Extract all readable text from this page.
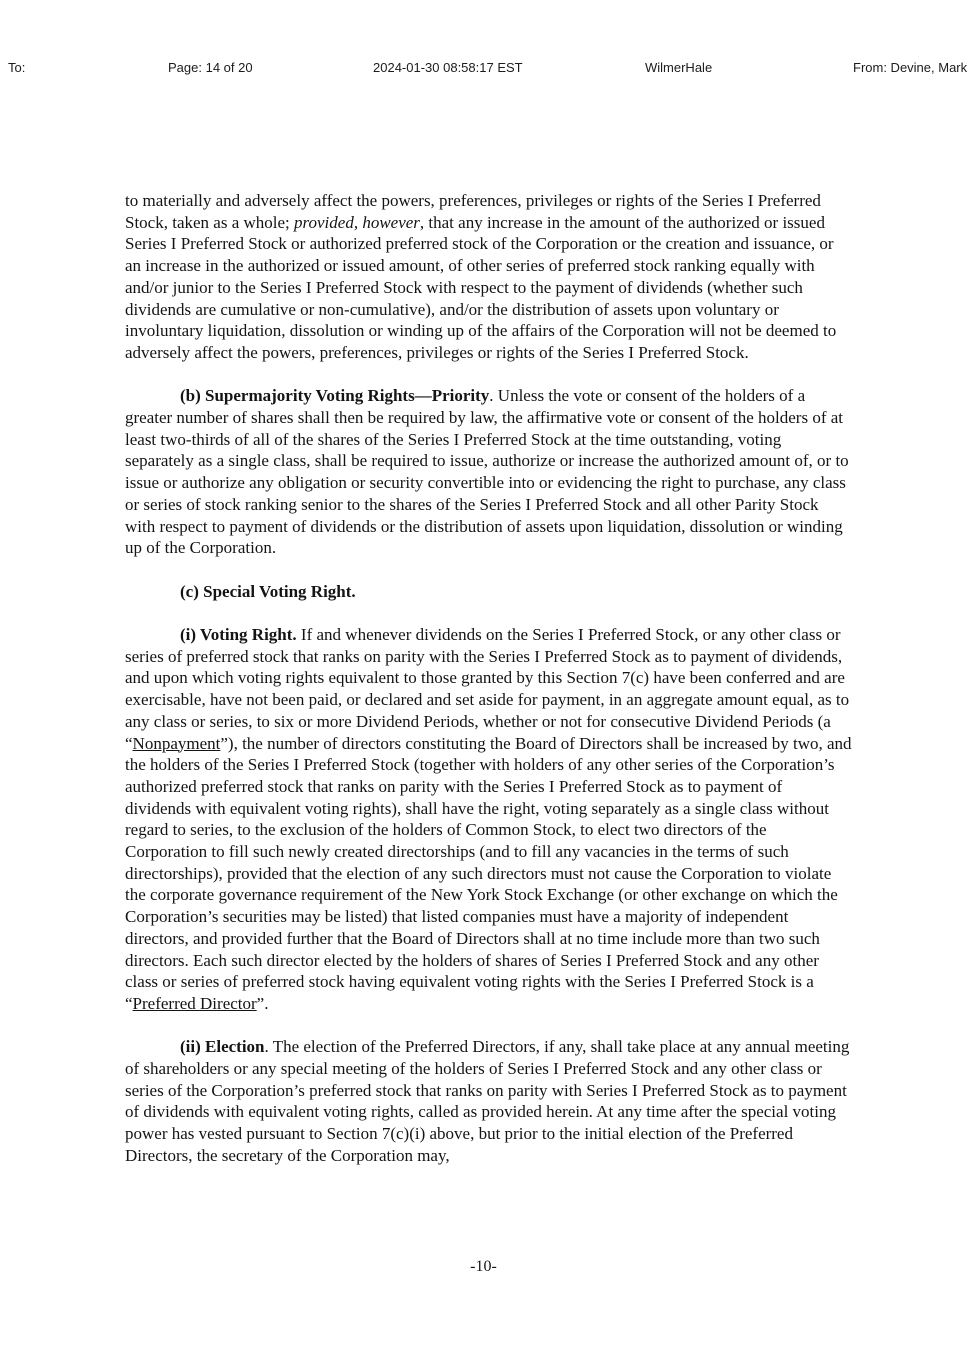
To:	Page: 14 of 20	2024-01-30 08:58:17 EST	WilmerHale	From: Devine, Mark

to materially and adversely affect the powers, preferences, privileges or rights of the Series I Preferred Stock, taken as a whole; provided, however, that any increase in the amount of the authorized or issued Series I Preferred Stock or authorized preferred stock of the Corporation or the creation and issuance, or an increase in the authorized or issued amount, of other series of preferred stock ranking equally with and/or junior to the Series I Preferred Stock with respect to the payment of dividends (whether such dividends are cumulative or non-cumulative), and/or the distribution of assets upon voluntary or involuntary liquidation, dissolution or winding up of the affairs of the Corporation will not be deemed to adversely affect the powers, preferences, privileges or rights of the Series I Preferred Stock.

(b) Supermajority Voting Rights—Priority. Unless the vote or consent of the holders of a greater number of shares shall then be required by law, the affirmative vote or consent of the holders of at least two-thirds of all of the shares of the Series I Preferred Stock at the time outstanding, voting separately as a single class, shall be required to issue, authorize or increase the authorized amount of, or to issue or authorize any obligation or security convertible into or evidencing the right to purchase, any class or series of stock ranking senior to the shares of the Series I Preferred Stock and all other Parity Stock with respect to payment of dividends or the distribution of assets upon liquidation, dissolution or winding up of the Corporation.

(c) Special Voting Right.

(i) Voting Right. If and whenever dividends on the Series I Preferred Stock, or any other class or series of preferred stock that ranks on parity with the Series I Preferred Stock as to payment of dividends, and upon which voting rights equivalent to those granted by this Section 7(c) have been conferred and are exercisable, have not been paid, or declared and set aside for payment, in an aggregate amount equal, as to any class or series, to six or more Dividend Periods, whether or not for consecutive Dividend Periods (a “Nonpayment”), the number of directors constituting the Board of Directors shall be increased by two, and the holders of the Series I Preferred Stock (together with holders of any other series of the Corporation’s authorized preferred stock that ranks on parity with the Series I Preferred Stock as to payment of dividends with equivalent voting rights), shall have the right, voting separately as a single class without regard to series, to the exclusion of the holders of Common Stock, to elect two directors of the Corporation to fill such newly created directorships (and to fill any vacancies in the terms of such directorships), provided that the election of any such directors must not cause the Corporation to violate the corporate governance requirement of the New York Stock Exchange (or other exchange on which the Corporation’s securities may be listed) that listed companies must have a majority of independent directors, and provided further that the Board of Directors shall at no time include more than two such directors. Each such director elected by the holders of shares of Series I Preferred Stock and any other class or series of preferred stock having equivalent voting rights with the Series I Preferred Stock is a “Preferred Director”.

(ii) Election. The election of the Preferred Directors, if any, shall take place at any annual meeting of shareholders or any special meeting of the holders of Series I Preferred Stock and any other class or series of the Corporation’s preferred stock that ranks on parity with Series I Preferred Stock as to payment of dividends with equivalent voting rights, called as provided herein. At any time after the special voting power has vested pursuant to Section 7(c)(i) above, but prior to the initial election of the Preferred Directors, the secretary of the Corporation may,

-10-
